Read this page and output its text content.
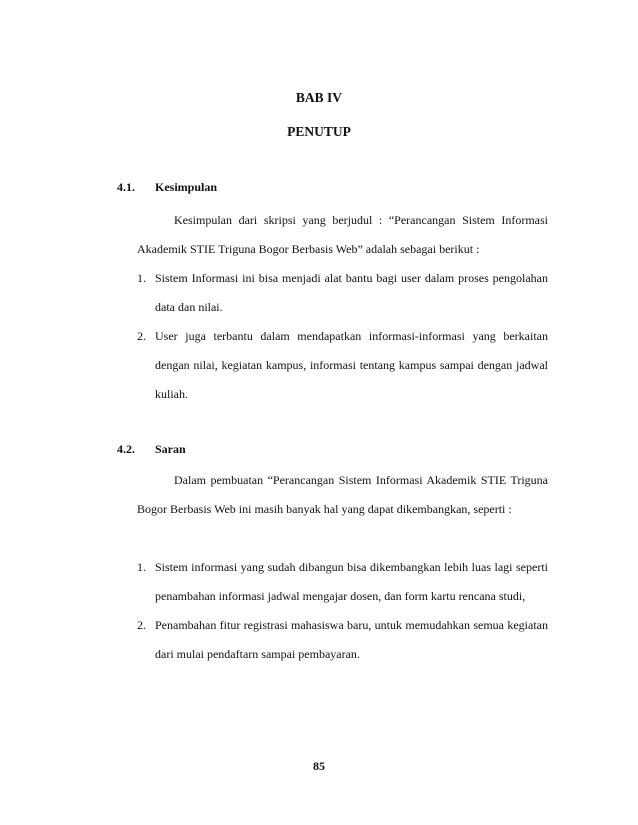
BAB IV
PENUTUP
4.1. Kesimpulan

Kesimpulan dari skripsi yang berjudul : “Perancangan Sistem Informasi Akademik STIE Triguna Bogor Berbasis Web” adalah sebagai berikut :

1. Sistem Informasi ini bisa menjadi alat bantu bagi user dalam proses pengolahan data dan nilai.
2. User juga terbantu dalam mendapatkan informasi-informasi yang berkaitan dengan nilai, kegiatan kampus, informasi tentang kampus sampai dengan jadwal kuliah.
4.2. Saran

Dalam pembuatan “Perancangan Sistem Informasi Akademik STIE Triguna Bogor Berbasis Web ini masih banyak hal yang dapat dikembangkan, seperti :

1. Sistem informasi yang sudah dibangun bisa dikembangkan lebih luas lagi seperti penambahan informasi jadwal mengajar dosen, dan form kartu rencana studi,
2. Penambahan fitur registrasi mahasiswa baru, untuk memudahkan semua kegiatan dari mulai pendaftarn sampai pembayaran.
85
